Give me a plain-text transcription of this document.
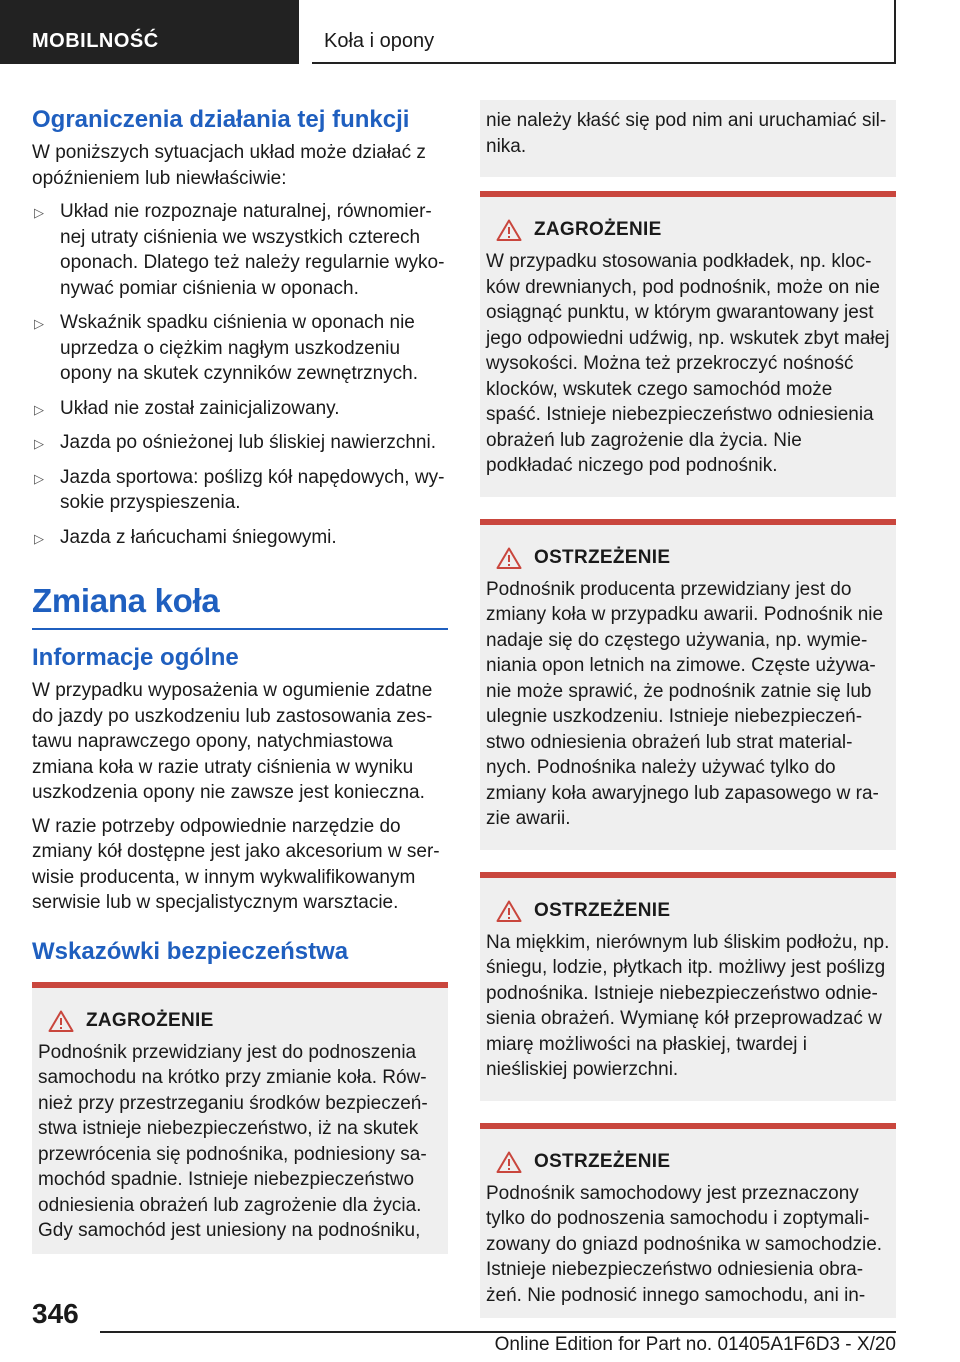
MOBILNOŚĆ	Koła i opony
Ograniczenia działania tej funkcji

W poniższych sytuacjach układ może działać z opóźnieniem lub niewłaściwie:

▷ Układ nie rozpoznaje naturalnej, równomiernej utraty ciśnienia we wszystkich czterech oponach. Dlatego też należy regularnie wykonywać pomiar ciśnienia w oponach.
▷ Wskaźnik spadku ciśnienia w oponach nie uprzedza o ciężkim nagłym uszkodzeniu opony na skutek czynników zewnętrznych.
▷ Układ nie został zainicjalizowany.
▷ Jazda po ośnieżonej lub śliskiej nawierzchni.
▷ Jazda sportowa: poślizg kół napędowych, wysokie przyspieszenia.
▷ Jazda z łańcuchami śniegowymi.
Zmiana koła
Informacje ogólne

W przypadku wyposażenia w ogumienie zdatne do jazdy po uszkodzeniu lub zastosowania zestawu naprawczego opony, natychmiastowa zmiana koła w razie utraty ciśnienia w wyniku uszkodzenia opony nie zawsze jest konieczna.

W razie potrzeby odpowiednie narzędzie do zmiany kół dostępne jest jako akcesorium w serwisie producenta, w innym wykwalifikowanym serwisie lub w specjalistycznym warsztacie.

Wskazówki bezpieczeństwa
ZAGROŻENIE

Podnośnik przewidziany jest do podnoszenia samochodu na krótko przy zmianie koła. Również przy przestrzeganiu środków bezpieczeństwa istnieje niebezpieczeństwo, iż na skutek przewrócenia się podnośnika, podniesiony samochód spadnie. Istnieje niebezpieczeństwo odniesienia obrażeń lub zagrożenie dla życia. Gdy samochód jest uniesiony na podnośniku,

nie należy kłaść się pod nim ani uruchamiać silnika.

ZAGROŻENIE

W przypadku stosowania podkładek, np. klocków drewnianych, pod podnośnik, może on nie osiągnąć punktu, w którym gwarantowany jest jego odpowiedni udźwig, np. wskutek zbyt małej wysokości. Można też przekroczyć nośność klocków, wskutek czego samochód może spaść. Istnieje niebezpieczeństwo odniesienia obrażeń lub zagrożenie dla życia. Nie podkładać niczego pod podnośnik.

OSTRZEŻENIE

Podnośnik producenta przewidziany jest do zmiany koła w przypadku awarii. Podnośnik nie nadaje się do częstego używania, np. wymieniania opon letnich na zimowe. Częste używanie może sprawić, że podnośnik zatnie się lub ulegnie uszkodzeniu. Istnieje niebezpieczeństwo odniesienia obrażeń lub strat materialnych. Podnośnika należy używać tylko do zmiany koła awaryjnego lub zapasowego w razie awarii.

OSTRZEŻENIE

Na miękkim, nierównym lub śliskim podłożu, np. śniegu, lodzie, płytkach itp. możliwy jest poślizg podnośnika. Istnieje niebezpieczeństwo odniesienia obrażeń. Wymianę kół przeprowadzać w miarę możliwości na płaskiej, twardej i nieśliskiej powierzchni.

OSTRZEŻENIE

Podnośnik samochodowy jest przeznaczony tylko do podnoszenia samochodu i zoptymalizowany do gniazd podnośnika w samochodzie. Istnieje niebezpieczeństwo odniesienia obrażeń. Nie podnosić innego samochodu, ani in-

346
Online Edition for Part no. 01405A1F6D3 - X/20
